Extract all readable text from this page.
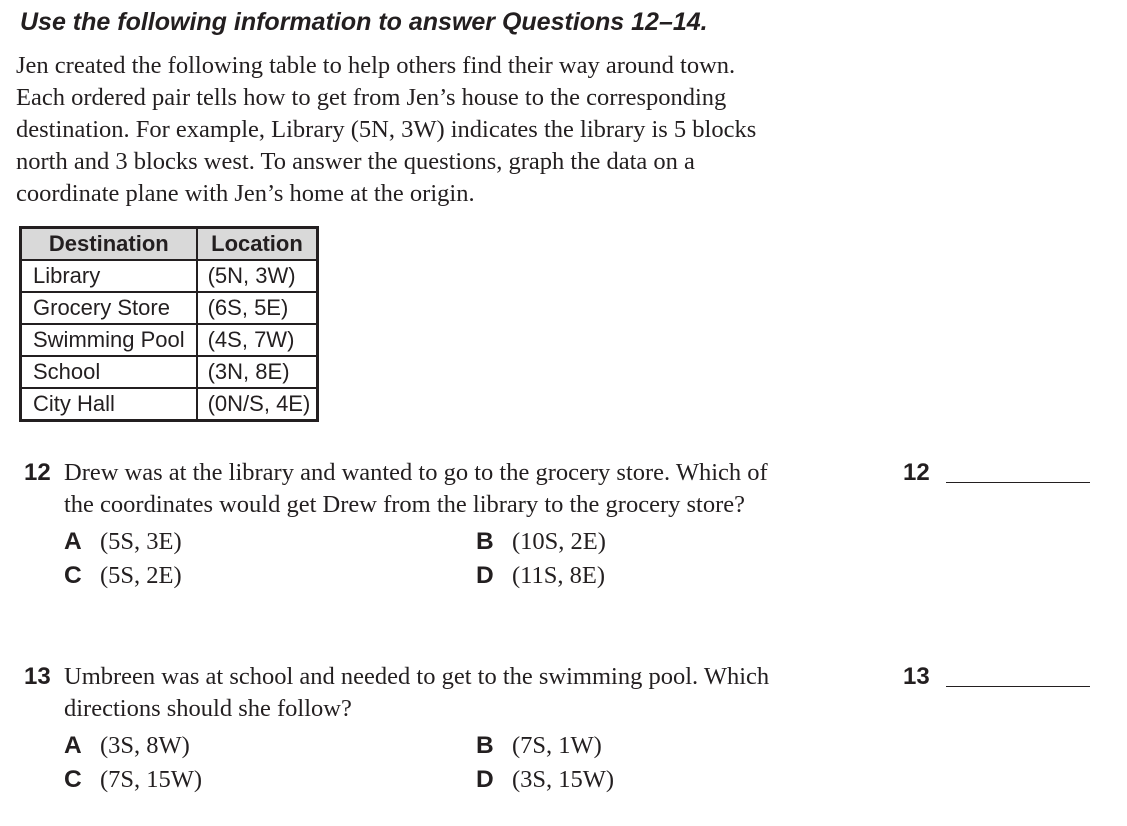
Use the following information to answer Questions 12–14.
Jen created the following table to help others find their way around town.
Each ordered pair tells how to get from Jen’s house to the corresponding
destination. For example, Library (5N, 3W) indicates the library is 5 blocks
north and 3 blocks west. To answer the questions, graph the data on a
coordinate plane with Jen’s home at the origin.
Destination	Location
Library	(5N, 3W)
Grocery Store	(6S, 5E)
Swimming Pool	(4S, 7W)
School	(3N, 8E)
City Hall	(0N/S, 4E)
12 Drew was at the library and wanted to go to the grocery store. Which of
the coordinates would get Drew from the library to the grocery store?
A (5S, 3E)	B (10S, 2E)
C (5S, 2E)	D (11S, 8E)
12
13 Umbreen was at school and needed to get to the swimming pool. Which
directions should she follow?
A (3S, 8W)	B (7S, 1W)
C (7S, 15W)	D (3S, 15W)
13
